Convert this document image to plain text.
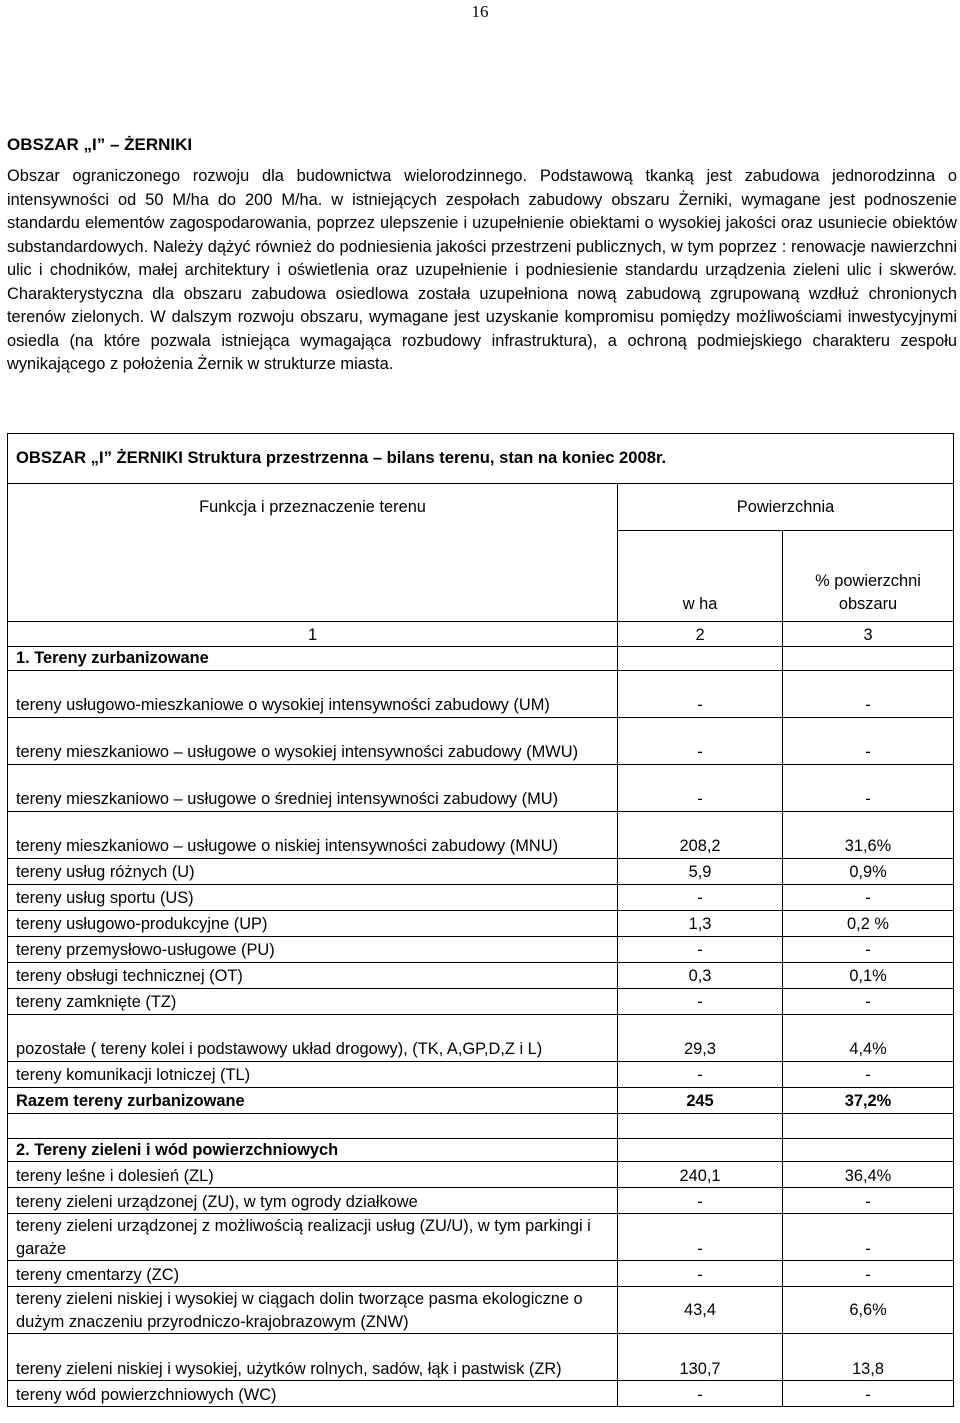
16
OBSZAR „I” – ŻERNIKI

Obszar ograniczonego rozwoju dla budownictwa wielorodzinnego. Podstawową tkanką jest zabudowa jednorodzinna o intensywności od 50 M/ha do 200 M/ha. w istniejących zespołach zabudowy obszaru Żerniki, wymagane jest podnoszenie standardu elementów zagospodarowania, poprzez ulepszenie i uzupełnienie obiektami o wysokiej jakości oraz usuniecie obiektów substandardowych. Należy dążyć również do podniesienia jakości przestrzeni publicznych, w tym poprzez : renowacje nawierzchni ulic i chodników, małej architektury i oświetlenia oraz uzupełnienie i podniesienie standardu urządzenia zieleni ulic i skwerów. Charakterystyczna dla obszaru zabudowa osiedlowa została uzupełniona nową zabudową zgrupowaną wzdłuż chronionych terenów zielonych. W dalszym rozwoju obszaru, wymagane jest uzyskanie kompromisu pomiędzy możliwościami inwestycyjnymi osiedla (na które pozwala istniejąca wymagająca rozbudowy infrastruktura), a ochroną podmiejskiego charakteru zespołu wynikającego z położenia Żernik w strukturze miasta.

OBSZAR „I” ŻERNIKI Struktura przestrzenna – bilans terenu, stan na koniec 2008r.		
Funkcja i przeznaczenie terenu	Powierzchnia	
	w ha	% powierzchni obszaru
1	2	3
1. Tereny zurbanizowane		
tereny usługowo-mieszkaniowe o wysokiej intensywności zabudowy (UM)	-	-
tereny mieszkaniowo – usługowe o wysokiej intensywności zabudowy (MWU)	-	-
tereny mieszkaniowo – usługowe o średniej intensywności zabudowy (MU)	-	-
tereny mieszkaniowo – usługowe o niskiej intensywności zabudowy (MNU)	208,2	31,6%
tereny usług różnych (U)	5,9	0,9%
tereny usług sportu (US)	-	-
tereny usługowo-produkcyjne (UP)	1,3	0,2 %
tereny przemysłowo-usługowe (PU)	-	-
tereny obsługi technicznej (OT)	0,3	0,1%
tereny zamknięte (TZ)	-	-
pozostałe ( tereny kolei i podstawowy układ drogowy), (TK, A,GP,D,Z i L)	29,3	4,4%
tereny komunikacji lotniczej (TL)	-	-
Razem tereny zurbanizowane	245	37,2%

2. Tereny zieleni i wód powierzchniowych		
tereny leśne i dolesień (ZL)	240,1	36,4%
tereny zieleni urządzonej (ZU), w tym ogrody działkowe	-	-
tereny zieleni urządzonej z możliwością realizacji usług (ZU/U), w tym parkingi i garaże	-	-
tereny cmentarzy (ZC)	-	-
tereny zieleni niskiej i wysokiej w ciągach dolin tworzące pasma ekologiczne o dużym znaczeniu przyrodniczo-krajobrazowym (ZNW)	43,4	6,6%
tereny zieleni niskiej i wysokiej, użytków rolnych, sadów, łąk i pastwisk (ZR)	130,7	13,8
tereny wód powierzchniowych (WC)	-	-
